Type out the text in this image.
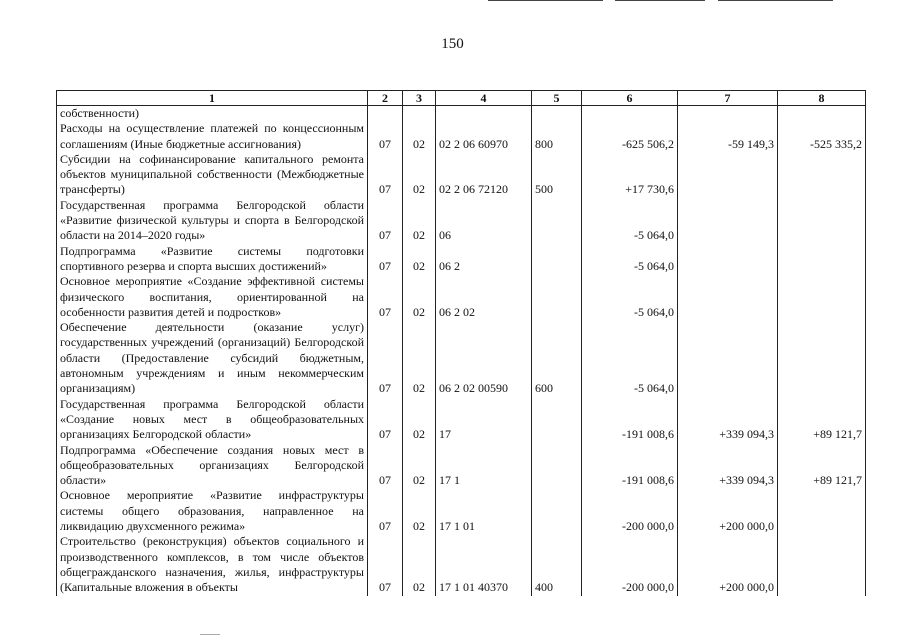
150
1	2	3	4	5	6	7	8
собственности)							
Расходы на осуществление платежей по концессионным соглашениям (Иные бюджетные ассигнования)	07	02	02 2 06 60970	800	-625 506,2	-59 149,3	-525 335,2
Субсидии на софинансирование капитального ремонта объектов муниципальной собственности (Межбюджетные трансферты)	07	02	02 2 06 72120	500	+17 730,6		
Государственная программа Белгородской области «Развитие физической культуры и спорта в Белгородской области на 2014–2020 годы»	07	02	06		-5 064,0		
Подпрограмма «Развитие системы подготовки спортивного резерва и спорта высших достижений»	07	02	06 2		-5 064,0		
Основное мероприятие «Создание эффективной системы физического воспитания, ориентированной на особенности развития детей и подростков»	07	02	06 2 02		-5 064,0		
Обеспечение деятельности (оказание услуг) государственных учреждений (организаций) Белгородской области (Предоставление субсидий бюджетным, автономным учреждениям и иным некоммерческим организациям)	07	02	06 2 02 00590	600	-5 064,0		
Государственная программа Белгородской области «Создание новых мест в общеобразовательных организациях Белгородской области»	07	02	17		-191 008,6	+339 094,3	+89 121,7
Подпрограмма «Обеспечение создания новых мест в общеобразовательных организациях Белгородской области»	07	02	17 1		-191 008,6	+339 094,3	+89 121,7
Основное мероприятие «Развитие инфраструктуры системы общего образования, направленное на ликвидацию двухсменного режима»	07	02	17 1 01		-200 000,0	+200 000,0	
Строительство (реконструкция) объектов социального и производственного комплексов, в том числе объектов общегражданского назначения, жилья, инфраструктуры (Капитальные вложения в объекты	07	02	17 1 01 40370	400	-200 000,0	+200 000,0	
